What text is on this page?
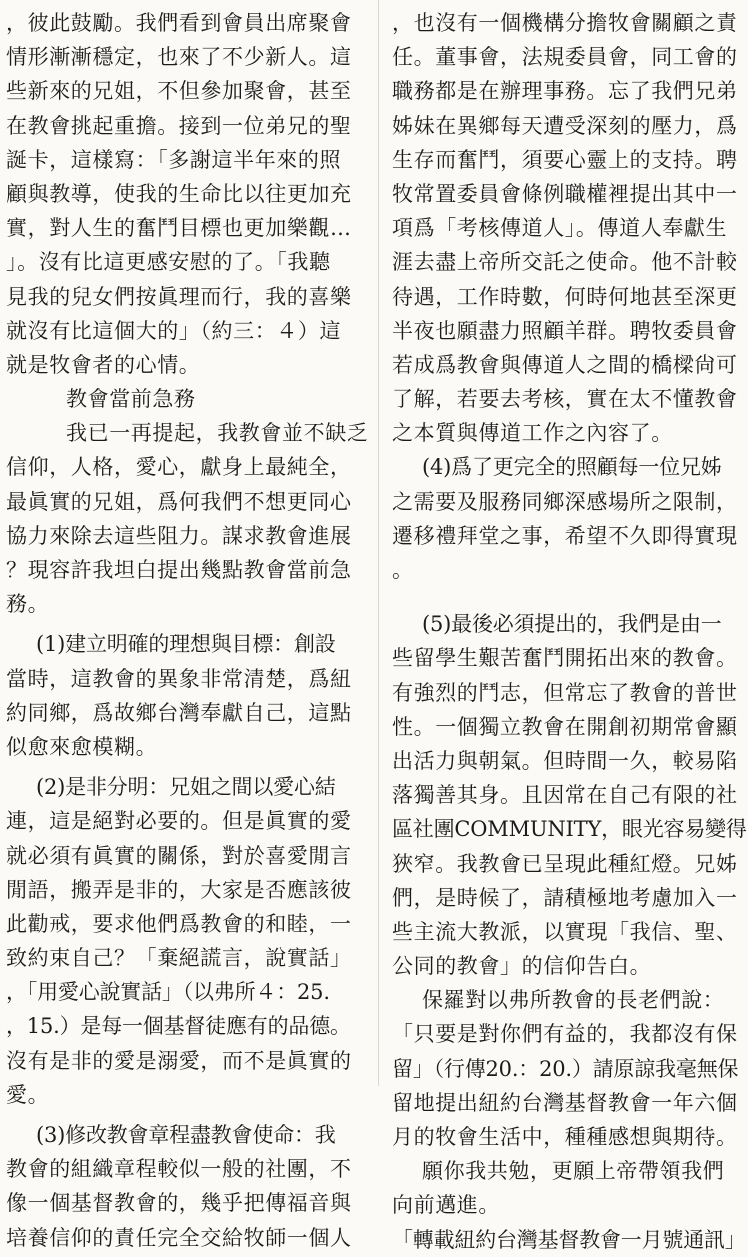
，彼此鼓勵。我們看到會員出席聚會
情形漸漸穩定，也來了不少新人。這
些新來的兄姐，不但參加聚會，甚至
在教會挑起重擔。接到一位弟兄的聖
誕卡，這樣寫：「多謝這半年來的照
顧與教導，使我的生命比以往更加充
實，對人生的奮鬥目標也更加樂觀…
」。沒有比這更感安慰的了。「我聽
見我的兒女們按眞理而行，我的喜樂
就沒有比這個大的」（約三：４）這
就是牧會者的心情。
教會當前急務
我已一再提起，我教會並不缺乏
信仰，人格，愛心，獻身上最純全，
最眞實的兄姐，爲何我們不想更同心
協力來除去這些阻力。謀求教會進展
？現容許我坦白提出幾點教會當前急
務。
(1)建立明確的理想與目標：創設
當時，這教會的異象非常清楚，爲紐
約同鄉，爲故鄉台灣奉獻自己，這點
似愈來愈模糊。
(2)是非分明：兄姐之間以愛心結
連，這是絕對必要的。但是眞實的愛
就必須有眞實的關係，對於喜愛閒言
閒語，搬弄是非的，大家是否應該彼
此勸戒，要求他們爲教會的和睦，一
致約束自己？「棄絕謊言，說實話」
，「用愛心說實話」（以弗所４：25.
，15.）是每一個基督徒應有的品德。
沒有是非的愛是溺愛，而不是眞實的
愛。
(3)修改教會章程盡教會使命：我
教會的組織章程較似一般的社團，不
像一個基督教會的，幾乎把傳福音與
培養信仰的責任完全交給牧師一個人
，也沒有一個機構分擔牧會關顧之責
任。董事會，法規委員會，同工會的
職務都是在辦理事務。忘了我們兄弟
姊妹在異鄉每天遭受深刻的壓力，爲
生存而奮鬥，須要心靈上的支持。聘
牧常置委員會條例職權裡提出其中一
項爲「考核傳道人」。傳道人奉獻生
涯去盡上帝所交託之使命。他不計較
待遇，工作時數，何時何地甚至深更
半夜也願盡力照顧羊群。聘牧委員會
若成爲教會與傳道人之間的橋樑尙可
了解，若要去考核，實在太不懂教會
之本質與傳道工作之內容了。
(4)爲了更完全的照顧每一位兄姊
之需要及服務同鄉深感場所之限制，
遷移禮拜堂之事，希望不久即得實現
。
(5)最後必須提出的，我們是由一
些留學生艱苦奮鬥開拓出來的教會。
有強烈的鬥志，但常忘了教會的普世
性。一個獨立教會在開創初期常會顯
出活力與朝氣。但時間一久，較易陷
落獨善其身。且因常在自己有限的社
區社團COMMUNITY，眼光容易變得
狹窄。我教會已呈現此種紅燈。兄姊
們，是時候了，請積極地考慮加入一
些主流大教派，以實現「我信、聖、
公同的教會」的信仰告白。
保羅對以弗所教會的長老們說：
「只要是對你們有益的，我都沒有保
留」（行傳20.：20.）請原諒我毫無保
留地提出紐約台灣基督教會一年六個
月的牧會生活中，種種感想與期待。
願你我共勉，更願上帝帶領我們
向前邁進。
「轉載紐約台灣基督教會一月號通訊」
